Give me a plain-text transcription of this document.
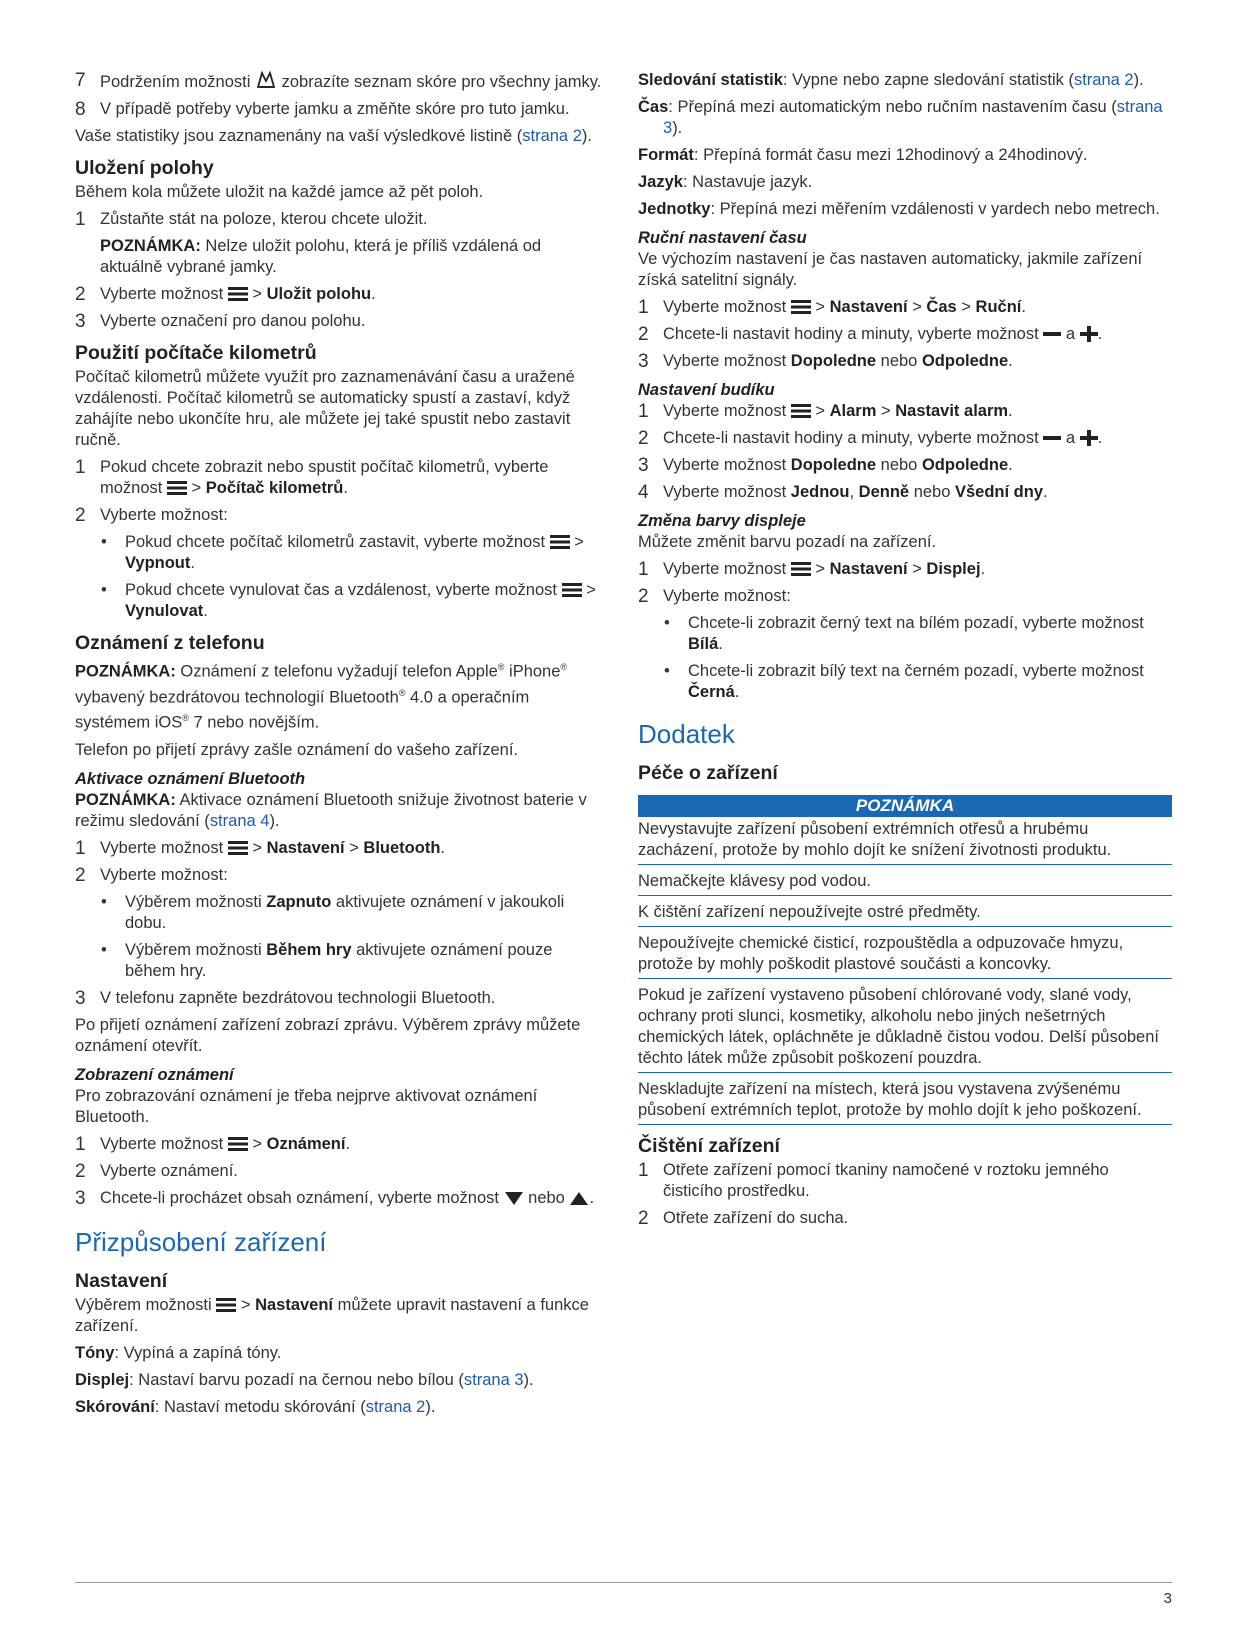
7 Podržením možnosti zobrazíte seznam skóre pro všechny jamky.
8 V případě potřeby vyberte jamku a změňte skóre pro tuto jamku.

Vaše statistiky jsou zaznamenány na vaší výsledkové listině (strana 2).

Uložení polohy

Během kola můžete uložit na každé jamce až pět poloh.

1 Zůstaňte stát na poloze, kterou chcete uložit.
POZNÁMKA: Nelze uložit polohu, která je příliš vzdálená od aktuálně vybrané jamky.
2 Vyberte možnost > Uložit polohu.
3 Vyberte označení pro danou polohu.
Použití počítače kilometrů

Počítač kilometrů můžete využít pro zaznamenávání času a uražené vzdálenosti. Počítač kilometrů se automaticky spustí a zastaví, když zahájíte nebo ukončíte hru, ale můžete jej také spustit nebo zastavit ručně.

1 Pokud chcete zobrazit nebo spustit počítač kilometrů, vyberte možnost > Počítač kilometrů.
2 Vyberte možnost:
• Pokud chcete počítač kilometrů zastavit, vyberte možnost > Vypnout.
• Pokud chcete vynulovat čas a vzdálenost, vyberte možnost > Vynulovat.
Oznámení z telefonu

POZNÁMKA: Oznámení z telefonu vyžadují telefon Apple® iPhone® vybavený bezdrátovou technologií Bluetooth® 4.0 a operačním systémem iOS® 7 nebo novějším.

Telefon po přijetí zprávy zašle oznámení do vašeho zařízení.

Aktivace oznámení Bluetooth

POZNÁMKA: Aktivace oznámení Bluetooth snižuje životnost baterie v režimu sledování (strana 4).

1 Vyberte možnost > Nastavení > Bluetooth.
2 Vyberte možnost:
• Výběrem možnosti Zapnuto aktivujete oznámení v jakoukoli dobu.
• Výběrem možnosti Během hry aktivujete oznámení pouze během hry.
3 V telefonu zapněte bezdrátovou technologii Bluetooth.

Po přijetí oznámení zařízení zobrazí zprávu. Výběrem zprávy můžete oznámení otevřít.

Zobrazení oznámení

Pro zobrazování oznámení je třeba nejprve aktivovat oznámení Bluetooth.

1 Vyberte možnost > Oznámení.
2 Vyberte oznámení.
3 Chcete-li procházet obsah oznámení, vyberte možnost nebo .
Přizpůsobení zařízení
Nastavení

Výběrem možnosti > Nastavení můžete upravit nastavení a funkce zařízení.

Tóny: Vypíná a zapíná tóny.

Displej: Nastaví barvu pozadí na černou nebo bílou (strana 3).

Skórování: Nastaví metodu skórování (strana 2).

Sledování statistik: Vypne nebo zapne sledování statistik (strana 2).

Čas: Přepíná mezi automatickým nebo ručním nastavením času (strana 3).

Formát: Přepíná formát času mezi 12hodinový a 24hodinový.

Jazyk: Nastavuje jazyk.

Jednotky: Přepíná mezi měřením vzdálenosti v yardech nebo metrech.

Ruční nastavení času

Ve výchozím nastavení je čas nastaven automaticky, jakmile zařízení získá satelitní signály.

1 Vyberte možnost > Nastavení > Čas > Ruční.
2 Chcete-li nastavit hodiny a minuty, vyberte možnost a .
3 Vyberte možnost Dopoledne nebo Odpoledne.
Nastavení budíku
1 Vyberte možnost > Alarm > Nastavit alarm.
2 Chcete-li nastavit hodiny a minuty, vyberte možnost a .
3 Vyberte možnost Dopoledne nebo Odpoledne.
4 Vyberte možnost Jednou, Denně nebo Všední dny.
Změna barvy displeje

Můžete změnit barvu pozadí na zařízení.

1 Vyberte možnost > Nastavení > Displej.
2 Vyberte možnost:
• Chcete-li zobrazit černý text na bílém pozadí, vyberte možnost Bílá.
• Chcete-li zobrazit bílý text na černém pozadí, vyberte možnost Černá.
Dodatek
Péče o zařízení
POZNÁMKA
Nevystavujte zařízení působení extrémních otřesů a hrubému zacházení, protože by mohlo dojít ke snížení životnosti produktu.
Nemačkejte klávesy pod vodou.
K čištění zařízení nepoužívejte ostré předměty.
Nepoužívejte chemické čisticí, rozpouštědla a odpuzovače hmyzu, protože by mohly poškodit plastové součásti a koncovky.
Pokud je zařízení vystaveno působení chlórované vody, slané vody, ochrany proti slunci, kosmetiky, alkoholu nebo jiných nešetrných chemických látek, opláchněte je důkladně čistou vodou. Delší působení těchto látek může způsobit poškození pouzdra.
Neskladujte zařízení na místech, která jsou vystavena zvýšenému působení extrémních teplot, protože by mohlo dojít k jeho poškození.
Čištění zařízení
1 Otřete zařízení pomocí tkaniny namočené v roztoku jemného čisticího prostředku.
2 Otřete zařízení do sucha.
3
